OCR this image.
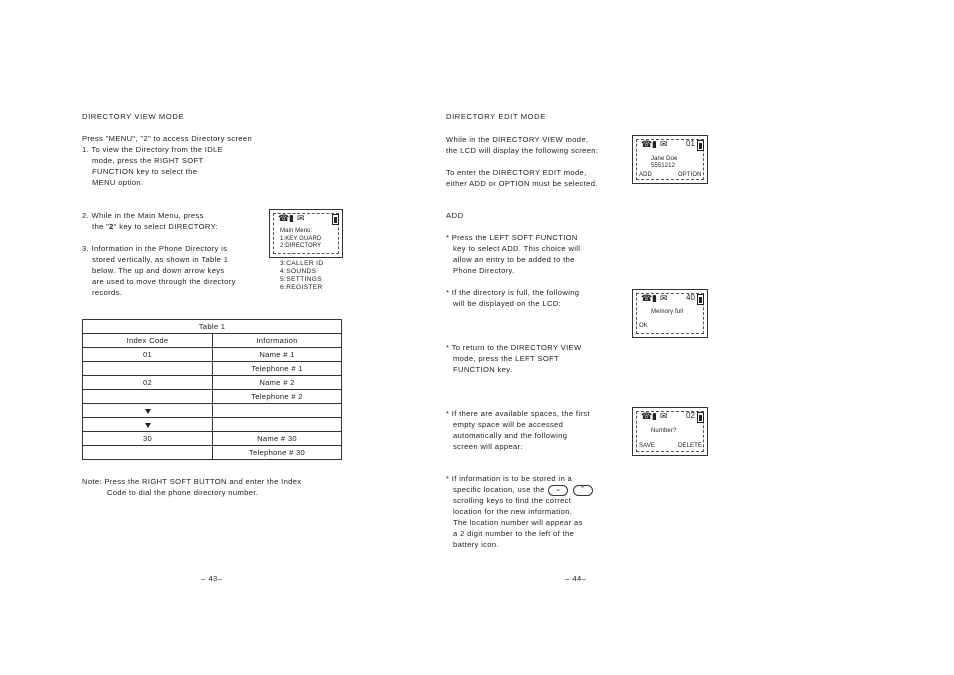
DIRECTORY VIEW MODE
Press "MENU", "2" to access Directory screen
1. To view the Directory from the IDLE
mode, press the RIGHT SOFT
FUNCTION key to select the
MENU option.
2. While in the Main Menu, press
the "2" key to select DIRECTORY:
3. Information in the Phone Directory is
stored vertically, as shown in Table 1
below. The up and down arrow keys
are used to move through the directory
records.
☎ ▮ ✉
Main Menu:
1:KEY GUARD
2:DIRECTORY
3:CALLER ID
4:SOUNDS
5:SETTINGS
6:REGISTER
Table 1	
Index Code	Information
01	Name # 1
	Telephone # 1
02	Name # 2
	Telephone # 2

30	Name # 30
	Telephone # 30
Note: Press the RIGHT SOFT BUTTON and enter the Index
Code to dial the phone directory number.
– 43–
DIRECTORY EDIT MODE
While in the DIRECTORY VIEW mode,
the LCD will display the following screen:
To enter the DIRECTORY EDIT mode,
either ADD or OPTION must be selected.
☎ ▮ ✉ 01
Jane Doe
5551212
ADD	OPTION
ADD
* Press the LEFT SOFT FUNCTION
key to select ADD. This choice will
allow an entry to be added to the
Phone Directory.
* If the directory is full, the following
will be displayed on the LCD:
☎ ▮ ✉ 40
Memory full
OK
* To return to the DIRECTORY VIEW
mode, press the LEFT SOFT
FUNCTION key.
* If there are available spaces, the first
empty space will be accessed
automatically and the following
screen will appear:
☎ ▮ ✉ 02
Number?
SAVE	DELETE
* If information is to be stored in a
specific location, use the	⌄
	⌃
scrolling keys to find the correct
location for the new information.
The location number will appear as
a 2 digit number to the left of the
battery icon.
– 44–
